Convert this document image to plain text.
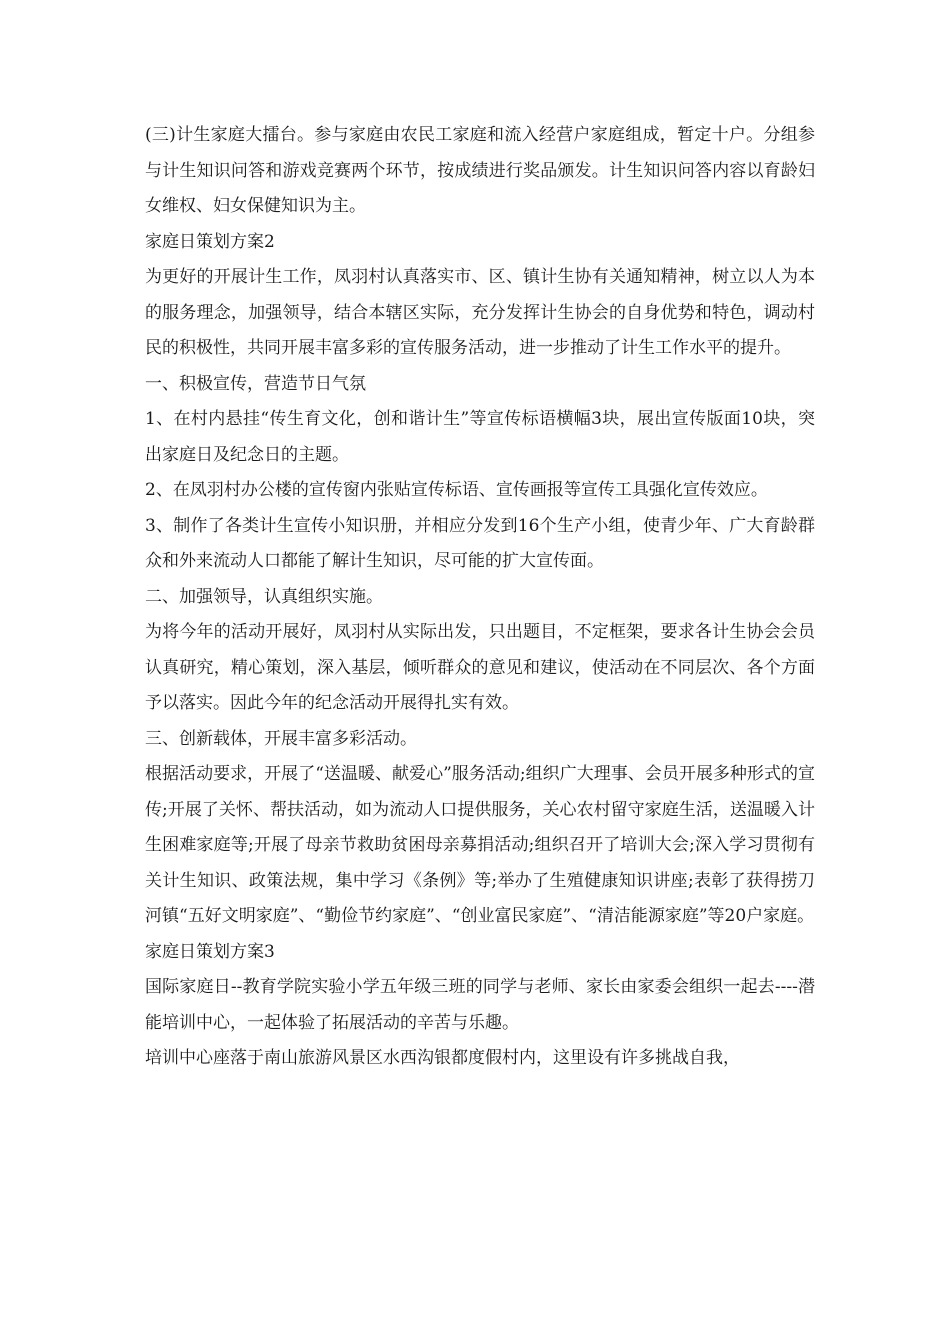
(三)计生家庭大擂台。参与家庭由农民工家庭和流入经营户家庭组成，暂定十户。分组参与计生知识问答和游戏竞赛两个环节，按成绩进行奖品颁发。计生知识问答内容以育龄妇女维权、妇女保健知识为主。

家庭日策划方案2

为更好的开展计生工作，凤羽村认真落实市、区、镇计生协有关通知精神，树立以人为本的服务理念，加强领导，结合本辖区实际，充分发挥计生协会的自身优势和特色，调动村民的积极性，共同开展丰富多彩的宣传服务活动，进一步推动了计生工作水平的提升。

一、积极宣传，营造节日气氛

1、在村内悬挂“传生育文化，创和谐计生”等宣传标语横幅3块，展出宣传版面10块，突出家庭日及纪念日的主题。

2、在凤羽村办公楼的宣传窗内张贴宣传标语、宣传画报等宣传工具强化宣传效应。

3、制作了各类计生宣传小知识册，并相应分发到16个生产小组，使青少年、广大育龄群众和外来流动人口都能了解计生知识，尽可能的扩大宣传面。

二、加强领导，认真组织实施。

为将今年的活动开展好，凤羽村从实际出发，只出题目，不定框架，要求各计生协会会员认真研究，精心策划，深入基层，倾听群众的意见和建议，使活动在不同层次、各个方面予以落实。因此今年的纪念活动开展得扎实有效。

三、创新载体，开展丰富多彩活动。

根据活动要求，开展了“送温暖、献爱心”服务活动;组织广大理事、会员开展多种形式的宣传;开展了关怀、帮扶活动，如为流动人口提供服务，关心农村留守家庭生活，送温暖入计生困难家庭等;开展了母亲节救助贫困母亲募捐活动;组织召开了培训大会;深入学习贯彻有关计生知识、政策法规，集中学习《条例》等;举办了生殖健康知识讲座;表彰了获得捞刀河镇“五好文明家庭”、“勤俭节约家庭”、“创业富民家庭”、“清洁能源家庭”等20户家庭。

家庭日策划方案3

国际家庭日--教育学院实验小学五年级三班的同学与老师、家长由家委会组织一起去----潜能培训中心，一起体验了拓展活动的辛苦与乐趣。

培训中心座落于南山旅游风景区水西沟银都度假村内，这里设有许多挑战自我，
